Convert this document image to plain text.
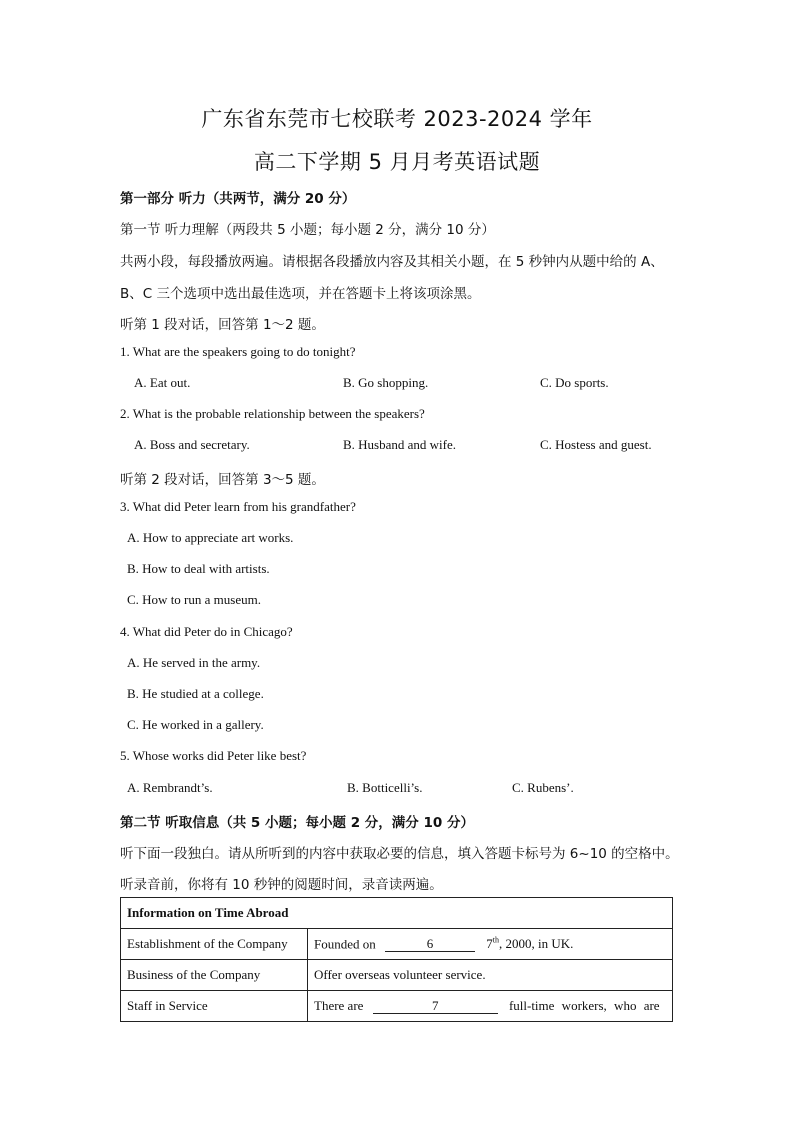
广东省东莞市七校联考 2023-2024 学年
高二下学期 5 月月考英语试题
第一部分 听力（共两节，满分 20 分）
第一节 听力理解（两段共 5 小题；每小题 2 分，满分 10 分）
共两小段，每段播放两遍。请根据各段播放内容及其相关小题，在 5 秒钟内从题中给的 A、
B、C 三个选项中选出最佳选项，并在答题卡上将该项涂黑。
听第 1 段对话，回答第 1～2 题。
1. What are the speakers going to do tonight?
A. Eat out.	B. Go shopping.	C. Do sports.
2. What is the probable relationship between the speakers?
A. Boss and secretary.	B. Husband and wife.	C. Hostess and guest.
听第 2 段对话，回答第 3～5 题。
3. What did Peter learn from his grandfather?
A. How to appreciate art works.
B. How to deal with artists.
C. How to run a museum.
4. What did Peter do in Chicago?
A. He served in the army.
B. He studied at a college.
C. He worked in a gallery.
5. Whose works did Peter like best?
A. Rembrandt’s.	B. Botticelli’s.	C. Rubens’.
第二节 听取信息（共 5 小题；每小题 2 分，满分 10 分）
听下面一段独白。请从所听到的内容中获取必要的信息，填入答题卡标号为 6~10 的空格中。
听录音前，你将有 10 秒钟的阅题时间，录音读两遍。
Information on Time Abroad	
Establishment of the Company	Founded on 6 7th, 2000, in UK.
Business of the Company	Offer overseas volunteer service.
Staff in Service	There are 7 full-time workers, who are
